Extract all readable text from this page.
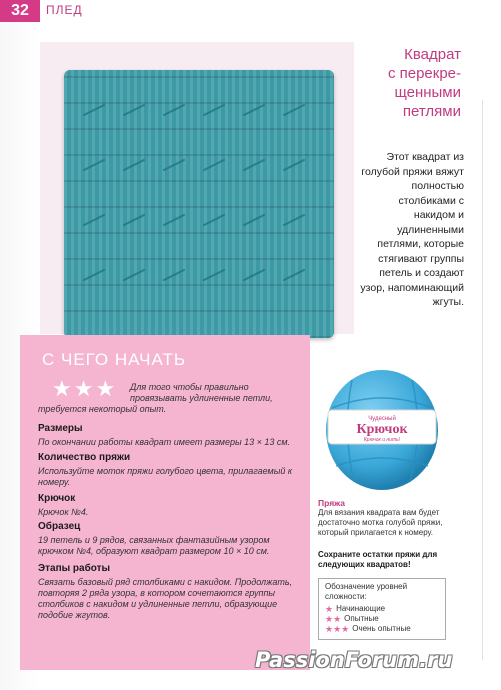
32	ПЛЕД
Квадрат
с перекре-
щенными
петлями
Этот квадрат из голубой пряжи вяжут полностью столбиками с накидом и удлиненными петлями, которые стягивают группы петель и создают узор, напоминающий жгуты.
С ЧЕГО НАЧАТЬ
★ ★ ★ Для того чтобы правильно провязывать удлиненные петли,
требуется некоторый опыт.
Размеры
По окончании работы квадрат имеет размеры 13 × 13 см.
Количество пряжи
Используйте моток пряжи голубого цвета, прилагаемый к номеру.
Крючок
Крючок №4.
Образец
19 петель и 9 рядов, связанных фантазийным узором крючком №4, образуют квадрат размером 10 × 10 см.
Этапы работы
Связать базовый ряд столбиками с накидом. Продолжать, повторяя 2 ряда узора, в котором сочетаются группы столбиков с накидом и удлиненные петли, образующие подобие жгутов.
Чудесный
Крючок
Крючок и нить!
Пряжа
Для вязания квадрата вам будет достаточно мотка голубой пряжи, который прилагается к номеру.
Сохраните остатки пряжи для следующих квадратов!
Обозначение уровней сложности:
★ Начинающие
★★ Опытные
★★★ Очень опытные
PassionForum.ru
